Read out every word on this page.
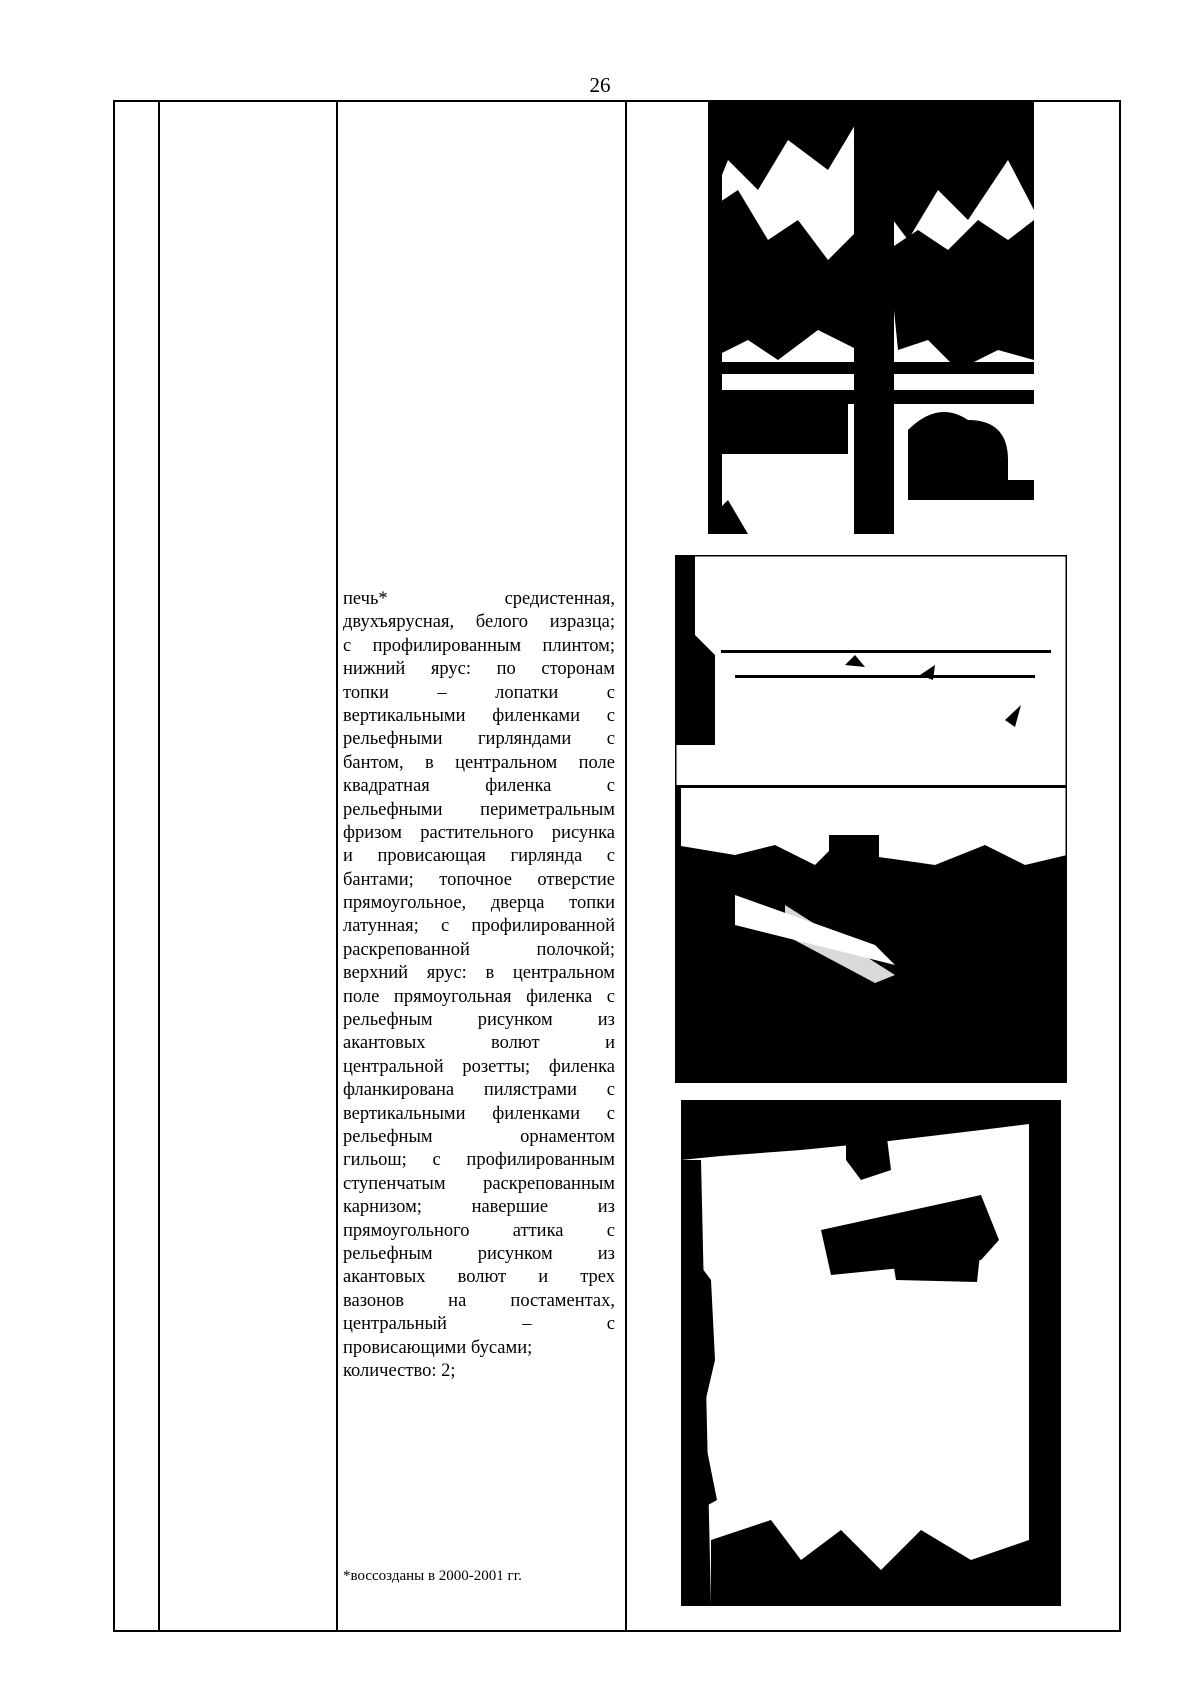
26
печь* средистенная,
двухъярусная, белого изразца;
с профилированным плинтом;
нижний ярус: по сторонам
топки – лопатки с
вертикальными филенками с
рельефными гирляндами с
бантом, в центральном поле
квадратная филенка с
рельефными периметральным
фризом растительного рисунка
и провисающая гирлянда с
бантами; топочное отверстие
прямоугольное, дверца топки
латунная; с профилированной
раскрепованной полочкой;
верхний ярус: в центральном
поле прямоугольная филенка с
рельефным рисунком из
акантовых волют и
центральной розетты; филенка
фланкирована пилястрами с
вертикальными филенками с
рельефным орнаментом
гильош; с профилированным
ступенчатым раскрепованным
карнизом; навершие из
прямоугольного аттика с
рельефным рисунком из
акантовых волют и трех
вазонов на постаментах,
центральный – с
провисающими бусами;
количество: 2;
*воссозданы в 2000-2001 гг.
